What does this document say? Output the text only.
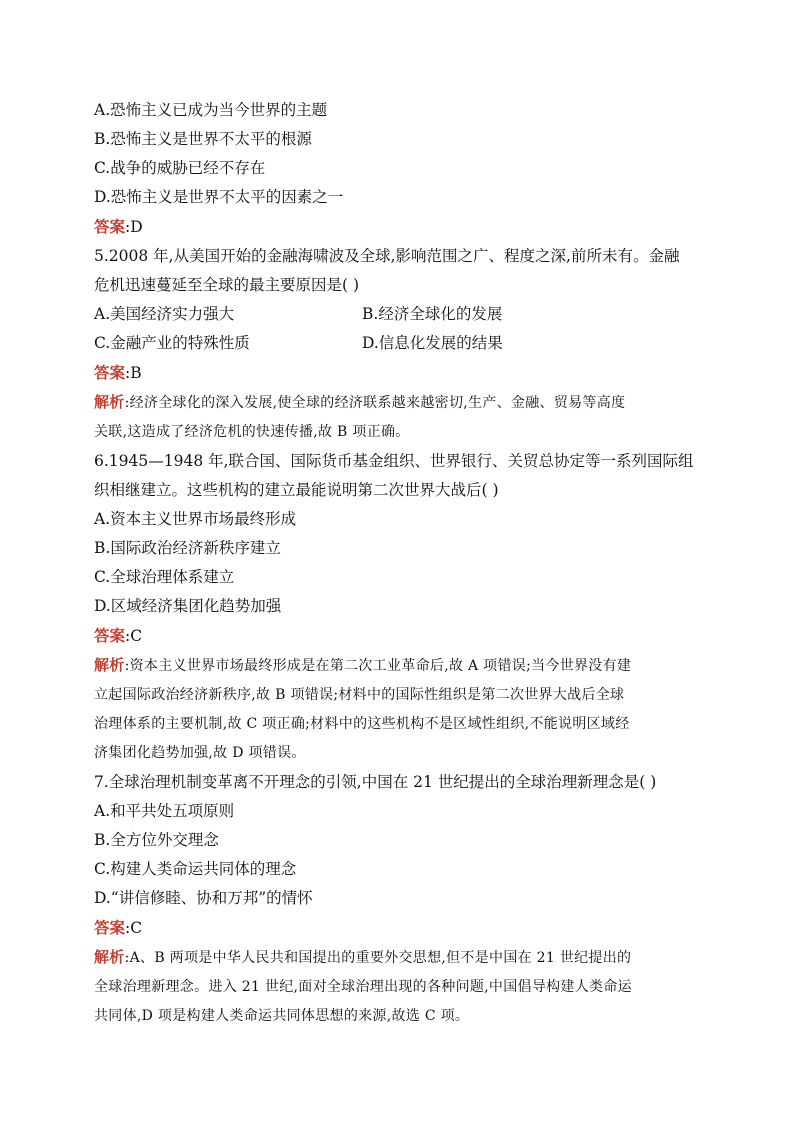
A.恐怖主义已成为当今世界的主题
B.恐怖主义是世界不太平的根源
C.战争的威胁已经不存在
D.恐怖主义是世界不太平的因素之一
答案:D
5.2008 年,从美国开始的金融海啸波及全球,影响范围之广、程度之深,前所未有。金融
危机迅速蔓延至全球的最主要原因是( )
A.美国经济实力强大	B.经济全球化的发展
C.金融产业的特殊性质	D.信息化发展的结果
答案:B
解析:经济全球化的深入发展,使全球的经济联系越来越密切,生产、金融、贸易等高度
关联,这造成了经济危机的快速传播,故 B 项正确。
6.1945—1948 年,联合国、国际货币基金组织、世界银行、关贸总协定等一系列国际组
织相继建立。这些机构的建立最能说明第二次世界大战后( )
A.资本主义世界市场最终形成
B.国际政治经济新秩序建立
C.全球治理体系建立
D.区域经济集团化趋势加强
答案:C
解析:资本主义世界市场最终形成是在第二次工业革命后,故 A 项错误;当今世界没有建
立起国际政治经济新秩序,故 B 项错误;材料中的国际性组织是第二次世界大战后全球
治理体系的主要机制,故 C 项正确;材料中的这些机构不是区域性组织,不能说明区域经
济集团化趋势加强,故 D 项错误。
7.全球治理机制变革离不开理念的引领,中国在 21 世纪提出的全球治理新理念是( )
A.和平共处五项原则
B.全方位外交理念
C.构建人类命运共同体的理念
D.“讲信修睦、协和万邦”的情怀
答案:C
解析:A、B 两项是中华人民共和国提出的重要外交思想,但不是中国在 21 世纪提出的
全球治理新理念。进入 21 世纪,面对全球治理出现的各种问题,中国倡导构建人类命运
共同体,D 项是构建人类命运共同体思想的来源,故选 C 项。
